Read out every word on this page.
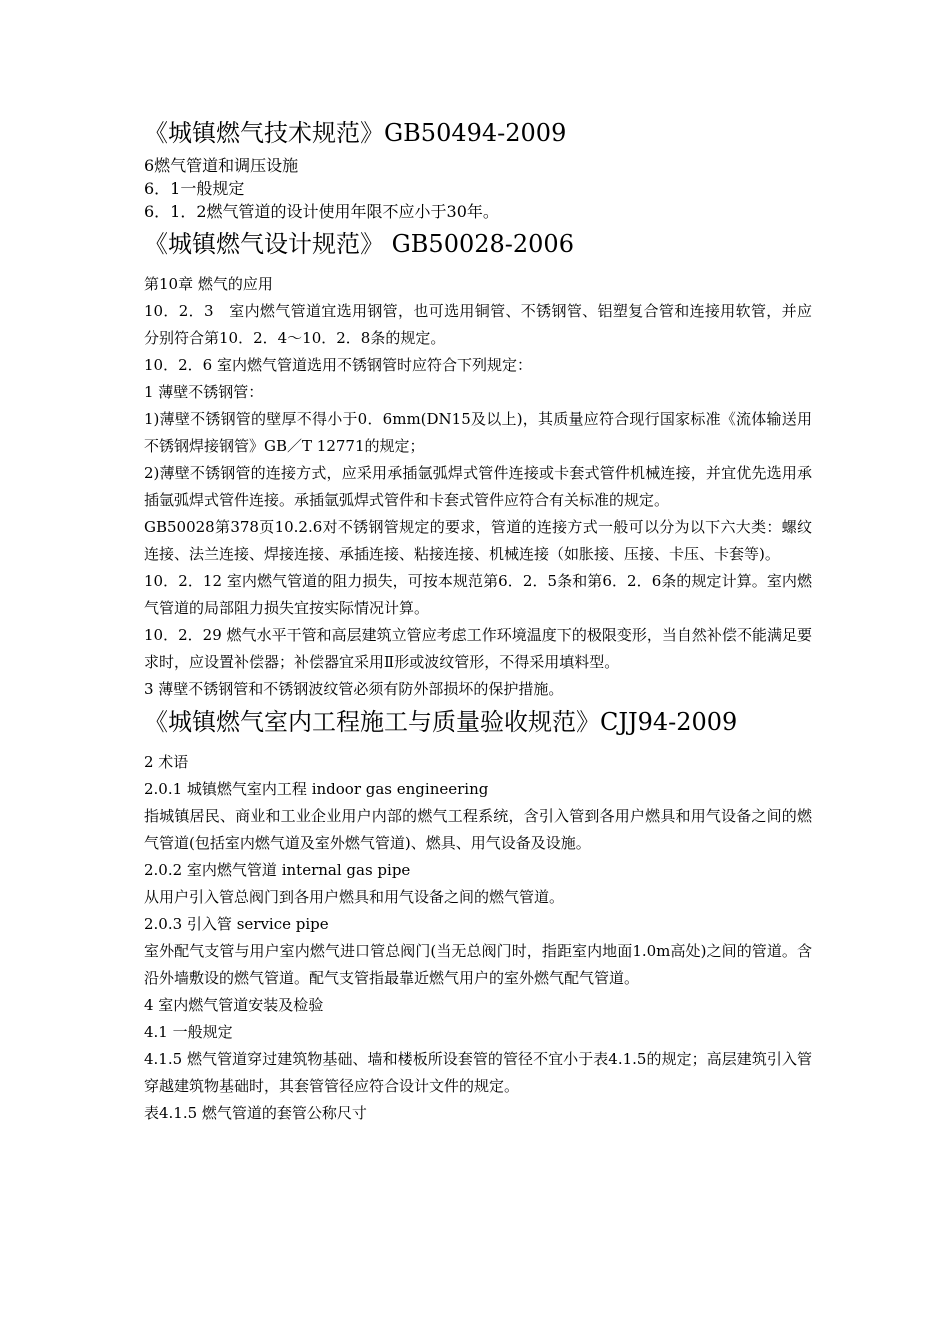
《城镇燃气技术规范》GB50494-2009
6燃气管道和调压设施
6．1一般规定
6．1．2燃气管道的设计使用年限不应小于30年。
《城镇燃气设计规范》 GB50028-2006
第10章 燃气的应用
10．2．3　室内燃气管道宜选用钢管，也可选用铜管、不锈钢管、铝塑复合管和连接用软管，并应分别符合第10．2．4～10．2．8条的规定。
10．2．6 室内燃气管道选用不锈钢管时应符合下列规定：
1 薄壁不锈钢管：
1)薄壁不锈钢管的壁厚不得小于0．6mm(DN15及以上)，其质量应符合现行国家标准《流体输送用不锈钢焊接钢管》GB／T 12771的规定；
2)薄壁不锈钢管的连接方式，应采用承插氩弧焊式管件连接或卡套式管件机械连接，并宜优先选用承插氩弧焊式管件连接。承插氩弧焊式管件和卡套式管件应符合有关标准的规定。
GB50028第378页10.2.6对不锈钢管规定的要求，管道的连接方式一般可以分为以下六大类：螺纹连接、法兰连接、焊接连接、承插连接、粘接连接、机械连接（如胀接、压接、卡压、卡套等)。
10．2．12 室内燃气管道的阻力损失，可按本规范第6．2．5条和第6．2．6条的规定计算。室内燃气管道的局部阻力损失宜按实际情况计算。
10．2．29 燃气水平干管和高层建筑立管应考虑工作环境温度下的极限变形，当自然补偿不能满足要求时，应设置补偿器；补偿器宜采用Ⅱ形或波纹管形，不得采用填料型。
3 薄壁不锈钢管和不锈钢波纹管必须有防外部损坏的保护措施。
《城镇燃气室内工程施工与质量验收规范》CJJ94-2009
2 术语
2.0.1 城镇燃气室内工程 indoor gas engineering
指城镇居民、商业和工业企业用户内部的燃气工程系统，含引入管到各用户燃具和用气设备之间的燃气管道(包括室内燃气道及室外燃气管道)、燃具、用气设备及设施。
2.0.2 室内燃气管道 internal gas pipe
从用户引入管总阀门到各用户燃具和用气设备之间的燃气管道。
2.0.3 引入管 service pipe
室外配气支管与用户室内燃气进口管总阀门(当无总阀门时，指距室内地面1.0m高处)之间的管道。含沿外墙敷设的燃气管道。配气支管指最靠近燃气用户的室外燃气配气管道。
4 室内燃气管道安装及检验
4.1 一般规定
4.1.5 燃气管道穿过建筑物基础、墙和楼板所设套管的管径不宜小于表4.1.5的规定；高层建筑引入管穿越建筑物基础时，其套管管径应符合设计文件的规定。
表4.1.5 燃气管道的套管公称尺寸
